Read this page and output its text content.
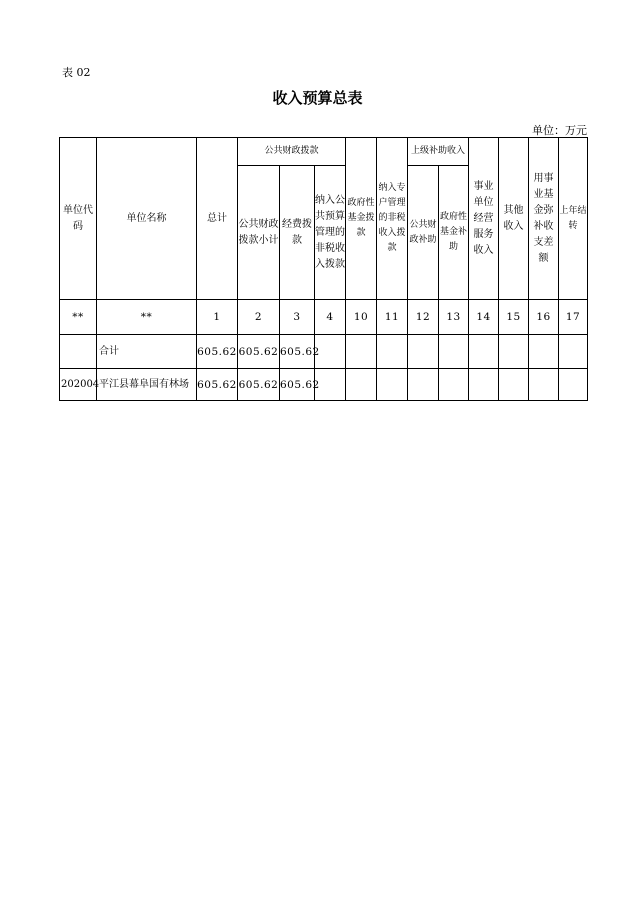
表 02
收入预算总表
单位：万元
单位代码	单位名称	总计	公共财政拨款			政府性基金拨款	纳入专户管理的非税收入拨款	上级补助收入		事业单位经营服务收入	其他收入	用事业基金弥补收支差额	上年结转
			公共财政拨款小计	经费拨款	纳入公共预算管理的非税收入拨款			公共财政补助	政府性基金补助				

**	**	1	2	3	4	10	11	12	13	14	15	16	17
	合计	605.62	605.62	605.62									
202004	平江县幕阜国有林场	605.62	605.62	605.62									
